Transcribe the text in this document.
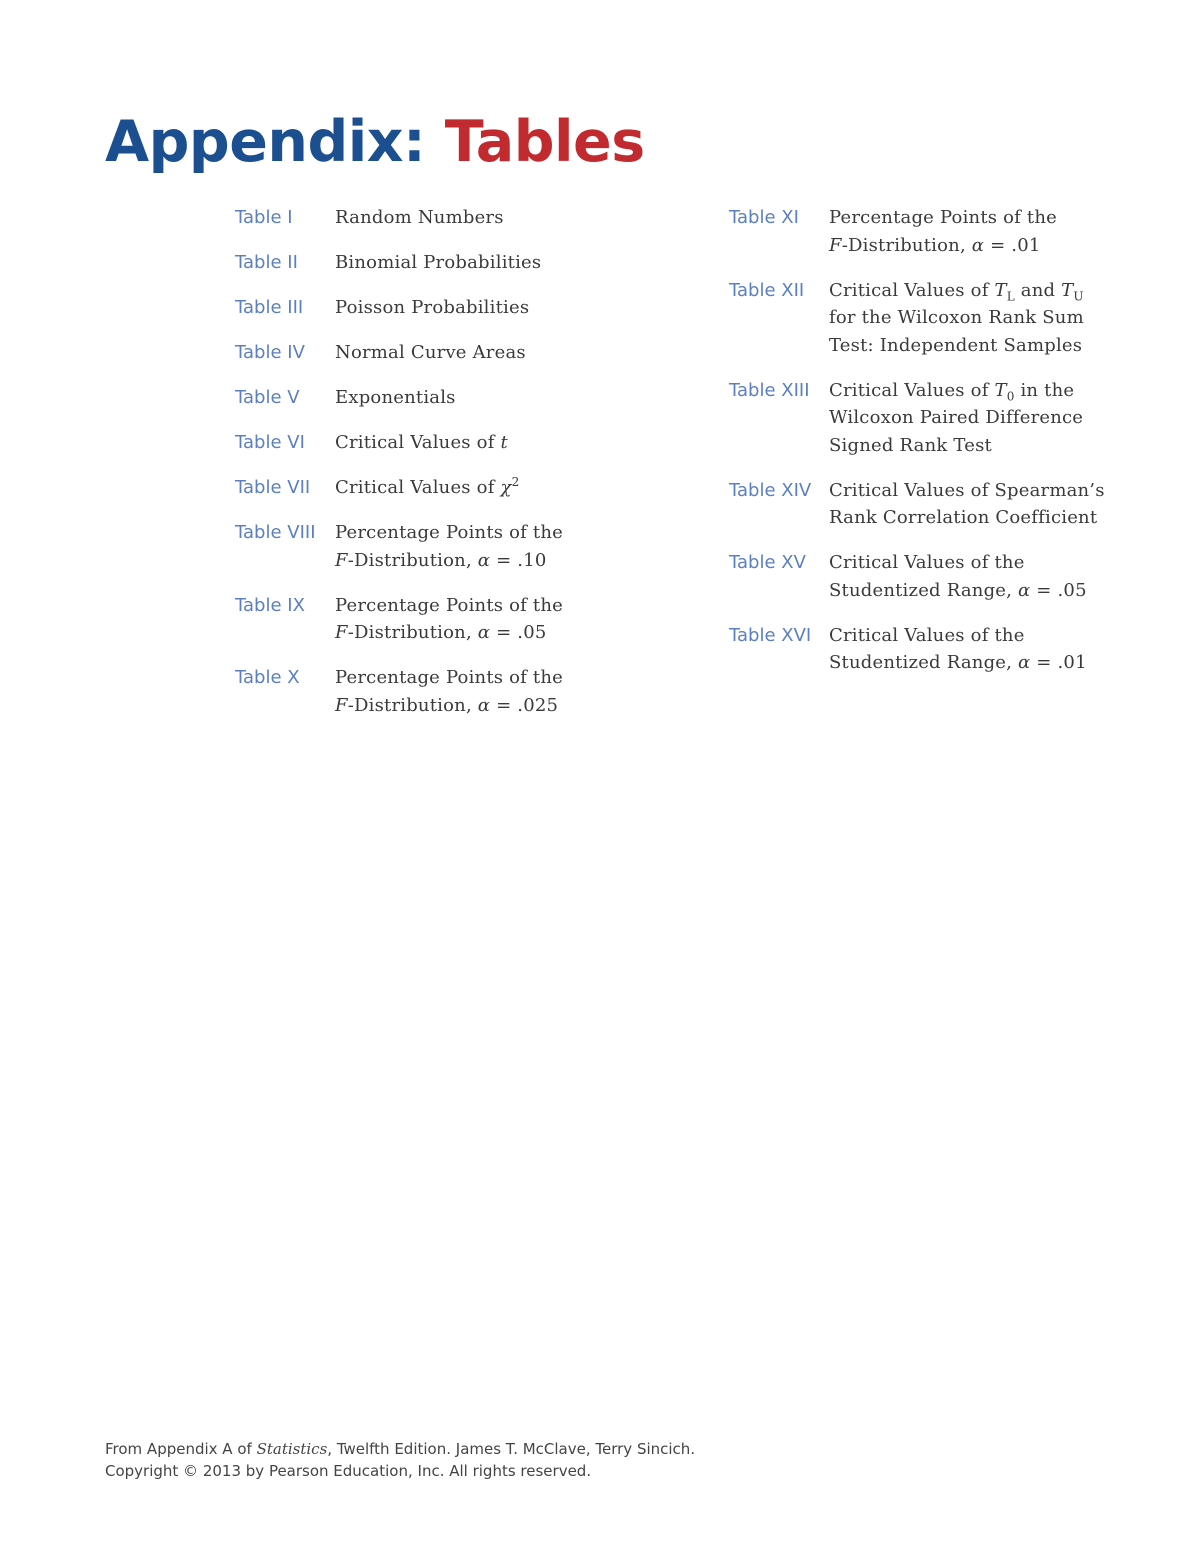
Appendix: Tables
Table I	Random Numbers
Table II	Binomial Probabilities
Table III	Poisson Probabilities
Table IV	Normal Curve Areas
Table V	Exponentials
Table VI	Critical Values of t
Table VII	Critical Values of $\chi^2$
Table VIII	Percentage Points of the
F-Distribution, α = .10
Table IX	Percentage Points of the
F-Distribution, α = .05
Table X	Percentage Points of the
F-Distribution, α = .025
Table XI	Percentage Points of the
F-Distribution, α = .01
Table XII	Critical Values of $T_L$ and $T_U$
for the Wilcoxon Rank Sum
Test: Independent Samples
Table XIII	Critical Values of $T_0$ in the
Wilcoxon Paired Difference
Signed Rank Test
Table XIV Critical Values of Spearman’s
Rank Correlation Coefficient
Table XV	Critical Values of the
Studentized Range, α = .05
Table XVI Critical Values of the
Studentized Range, α = .01
From Appendix A of Statistics, Twelfth Edition. James T. McClave, Terry Sincich.
Copyright © 2013 by Pearson Education, Inc. All rights reserved.
